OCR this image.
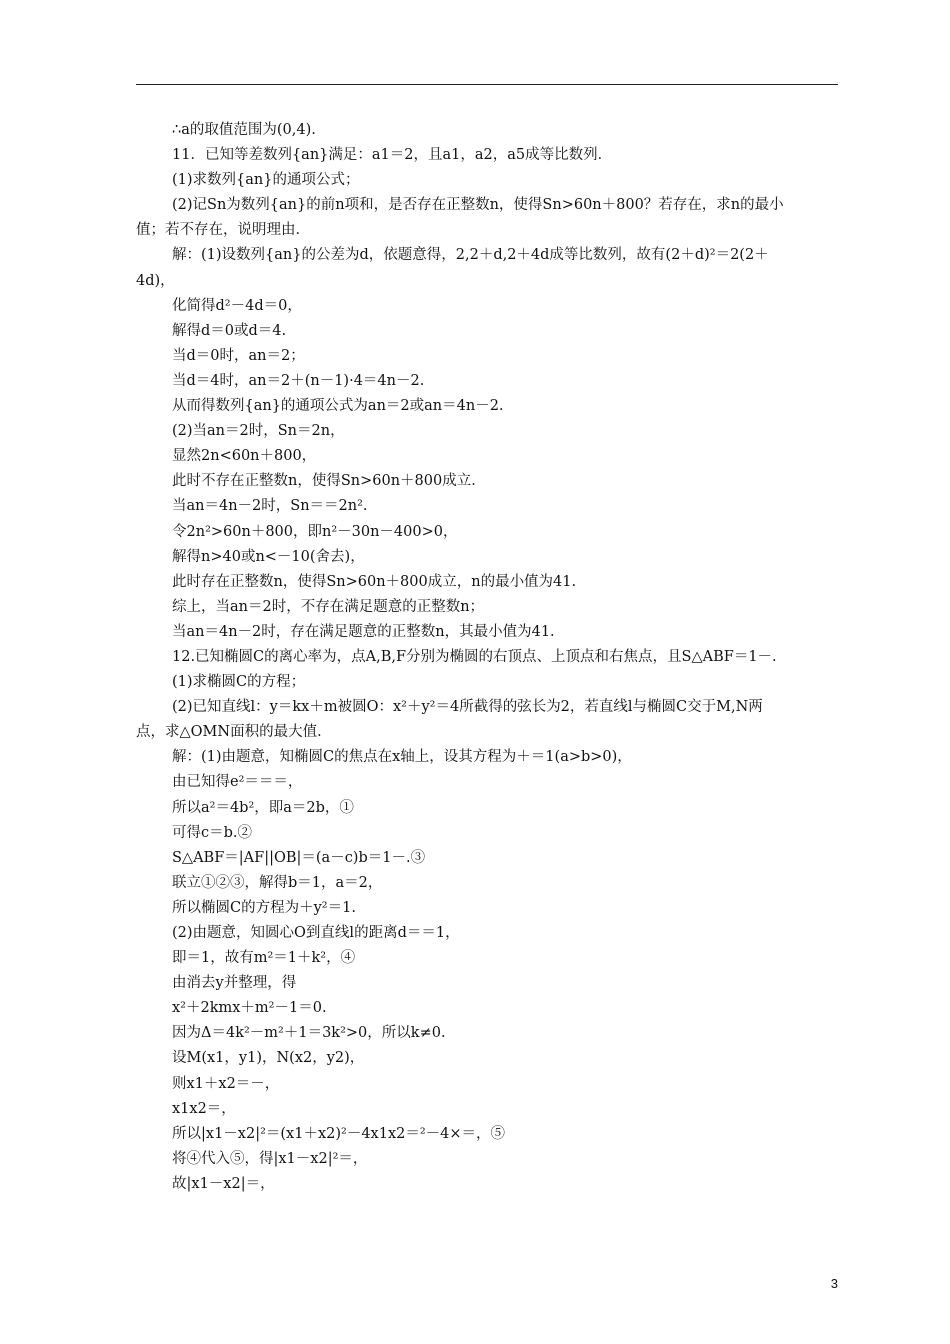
∴a的取值范围为(0,4).
11．已知等差数列{an}满足：a1＝2，且a1，a2，a5成等比数列．
(1)求数列{an}的通项公式；
(2)记Sn为数列{an}的前n项和，是否存在正整数n，使得Sn>60n＋800？若存在，求n的最小
值；若不存在，说明理由．
解：(1)设数列{an}的公差为d，依题意得，2,2＋d,2＋4d成等比数列，故有(2＋d)²＝2(2＋
4d)，
化简得d²－4d＝0，
解得d＝0或d＝4.
当d＝0时，an＝2；
当d＝4时，an＝2＋(n－1)·4＝4n－2.
从而得数列{an}的通项公式为an＝2或an＝4n－2.
(2)当an＝2时，Sn＝2n，
显然2n<60n＋800，
此时不存在正整数n，使得Sn>60n＋800成立．
当an＝4n－2时，Sn＝＝2n².
令2n²>60n＋800，即n²－30n－400>0，
解得n>40或n<－10(舍去)，
此时存在正整数n，使得Sn>60n＋800成立，n的最小值为41.
综上，当an＝2时，不存在满足题意的正整数n；
当an＝4n－2时，存在满足题意的正整数n，其最小值为41.
12.已知椭圆C的离心率为，点A,B,F分别为椭圆的右顶点、上顶点和右焦点，且S△ABF＝1－.
(1)求椭圆C的方程；
(2)已知直线l：y＝kx＋m被圆O：x²＋y²＝4所截得的弦长为2，若直线l与椭圆C交于M,N两
点，求△OMN面积的最大值．
解：(1)由题意，知椭圆C的焦点在x轴上，设其方程为＋＝1(a>b>0)，
由已知得e²＝＝＝，
所以a²＝4b²，即a＝2b，①
可得c＝b.②
S△ABF＝|AF||OB|＝(a－c)b＝1－.③
联立①②③，解得b＝1，a＝2，
所以椭圆C的方程为＋y²＝1.
(2)由题意，知圆心O到直线l的距离d＝＝1，
即＝1，故有m²＝1＋k²，④
由消去y并整理，得
x²＋2kmx＋m²－1＝0.
因为Δ＝4k²－m²＋1＝3k²>0，所以k≠0.
设M(x1，y1)，N(x2，y2)，
则x1＋x2＝－，
x1x2＝，
所以|x1－x2|²＝(x1＋x2)²－4x1x2＝²－4×＝，⑤
将④代入⑤，得|x1－x2|²＝，
故|x1－x2|＝，
3
